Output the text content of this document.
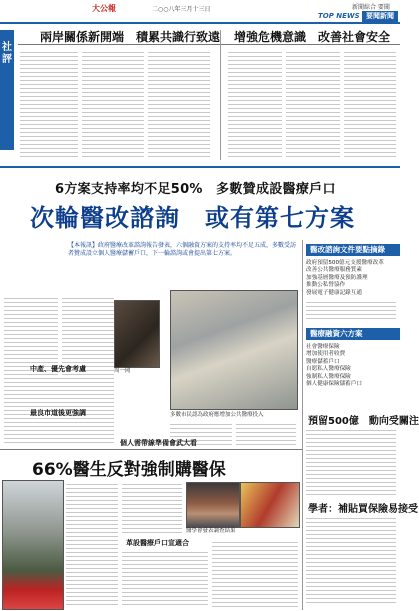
大公報	二○○八年三月十三日	新聞綜合 要聞
TOP NEWS 要聞新聞
社評
兩岸關係新開端　積累共識行致遠 增強危機意識　改善社會安全
6方案支持率均不足50%　多數贊成設醫療戶口
次輪醫改諮詢　或有第七方案
【本報訊】政府醫療改革諮詢報告發表，六個融資方案的支持率均不足五成，多數受訪者贊成設立個人醫療儲蓄戶口，下一輪諮詢或會提出第七方案。
周一岡
中產、優先會考慮
最良市道後更強調	多數市民認為政府應增加公共醫療投入
個人需帶線準備會武大看
醫改諮詢文件要點摘錄
政府預留500億元支援醫療改革
改善公共醫療服務質素
加強基層醫療及預防護理
推動公私營協作
發展電子健康記錄互通
醫療融資六方案
社會醫療保險
增加使用者收費
醫療儲蓄戶口
自愿私人醫療保險
強制私人醫療保險
個人健康保險儲蓄戶口
預留500億　動向受關注
學者：補貼買保險易接受
66%醫生反對強制購醫保
醫學會發表調查結果
革設醫療戶口宣適合
